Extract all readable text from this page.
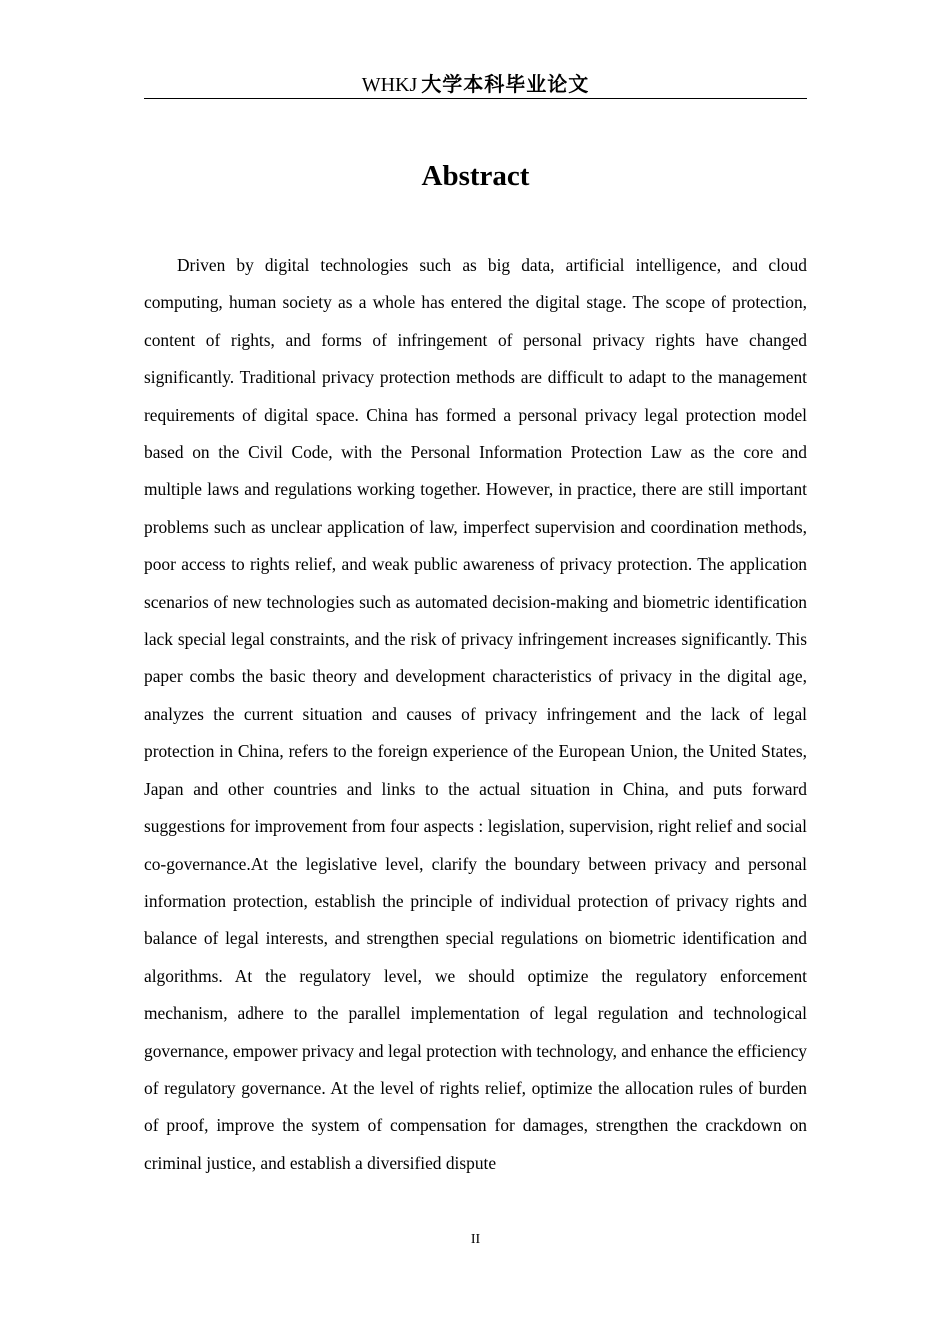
WHKJ 大学本科毕业论文
Abstract

Driven by digital technologies such as big data, artificial intelligence, and cloud computing, human society as a whole has entered the digital stage. The scope of protection, content of rights, and forms of infringement of personal privacy rights have changed significantly. Traditional privacy protection methods are difficult to adapt to the management requirements of digital space. China has formed a personal privacy legal protection model based on the Civil Code, with the Personal Information Protection Law as the core and multiple laws and regulations working together. However, in practice, there are still important problems such as unclear application of law, imperfect supervision and coordination methods, poor access to rights relief, and weak public awareness of privacy protection. The application scenarios of new technologies such as automated decision-making and biometric identification lack special legal constraints, and the risk of privacy infringement increases significantly. This paper combs the basic theory and development characteristics of privacy in the digital age, analyzes the current situation and causes of privacy infringement and the lack of legal protection in China, refers to the foreign experience of the European Union, the United States, Japan and other countries and links to the actual situation in China, and puts forward suggestions for improvement from four aspects : legislation, supervision, right relief and social co-governance.At the legislative level, clarify the boundary between privacy and personal information protection, establish the principle of individual protection of privacy rights and balance of legal interests, and strengthen special regulations on biometric identification and algorithms. At the regulatory level, we should optimize the regulatory enforcement mechanism, adhere to the parallel implementation of legal regulation and technological governance, empower privacy and legal protection with technology, and enhance the efficiency of regulatory governance. At the level of rights relief, optimize the allocation rules of burden of proof, improve the system of compensation for damages, strengthen the crackdown on criminal justice, and establish a diversified dispute

II
